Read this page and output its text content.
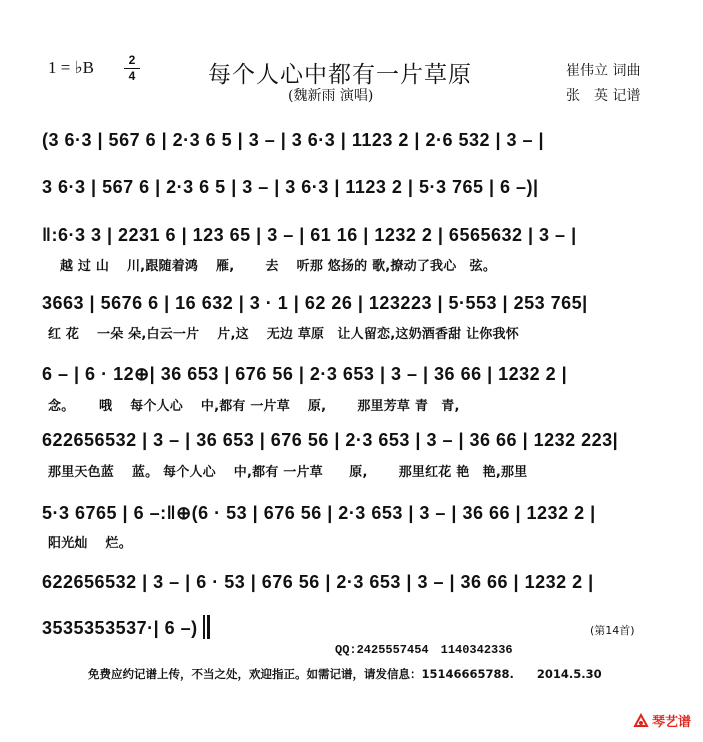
1 = ♭B	2
4	每个人心中都有一片草原
(魏新雨 演唱)
崔伟立 词曲
张　英 记谱
(3 6·3 | 567 6 | 2·3 6 5 | 3 – | 3 6·3 | 1123 2 | 2·6 532 | 3 – |
3 6·3 | 567 6 | 2·3 6 5 | 3 – | 3 6·3 | 1123 2 | 5·3 765 | 6 –)|
‖:6·3 3 | 2231 6 | 123 65 | 3 – | 61 16 | 1232 2 | 6565632 | 3 – |
越 过 山　 川,跟随着鸿　 雁,　　 去　 听那 悠扬的 歌,撩动了我心　弦。
3663 | 5676 6 | 16 632 | 3 · 1 | 62 26 | 123223 | 5·553 | 253 765|
红 花　 一朵 朵,白云一片　 片,这　 无边 草原　让人留恋,这奶酒香甜 让你我怀
6 – | 6 · 12⊕| 36 653 | 676 56 | 2·3 653 | 3 – | 36 66 | 1232 2 |
念。　　 哦　 每个人心　 中,都有 一片草　 原,　　 那里芳草 青　青,
622656532 | 3 – | 36 653 | 676 56 | 2·3 653 | 3 – | 36 66 | 1232 223|
那里天色蓝　 蓝。 每个人心　 中,都有 一片草　　原,　　 那里红花 艳　艳,那里
5·3 6765 | 6 –:‖⊕(6 · 53 | 676 56 | 2·3 653 | 3 – | 36 66 | 1232 2 |
阳光灿　 烂。
622656532 | 3 – | 6 · 53 | 676 56 | 2·3 653 | 3 – | 36 66 | 1232 2 |
3535353537·| 6 –)	(第14首)
QQ:2425557454　1140342336
免费应约记谱上传，不当之处，欢迎指正。如需记谱，请发信息：15146665788.　　2014.5.30
琴艺谱
